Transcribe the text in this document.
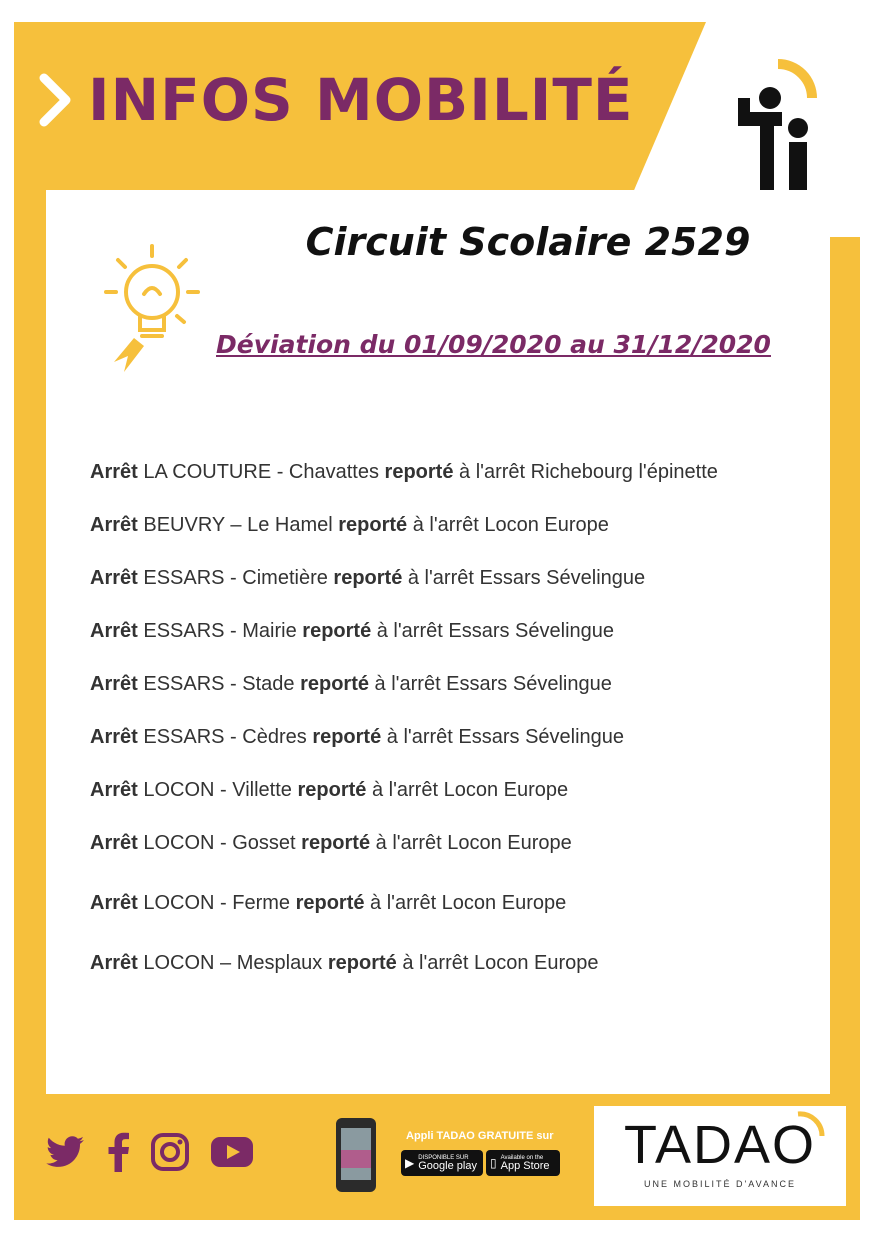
INFOS MOBILITÉ
Circuit Scolaire 2529
Déviation du 01/09/2020 au 31/12/2020
Arrêt LA COUTURE - Chavattes reporté à l'arrêt Richebourg l'épinette
Arrêt BEUVRY – Le Hamel reporté à l'arrêt Locon Europe
Arrêt ESSARS - Cimetière reporté à l'arrêt Essars Sévelingue
Arrêt ESSARS - Mairie reporté à l'arrêt Essars Sévelingue
Arrêt ESSARS - Stade reporté à l'arrêt Essars Sévelingue
Arrêt ESSARS - Cèdres reporté à l'arrêt Essars Sévelingue
Arrêt LOCON - Villette reporté à l'arrêt Locon Europe
Arrêt LOCON - Gosset reporté à l'arrêt Locon Europe
Arrêt LOCON - Ferme reporté à l'arrêt Locon Europe
Arrêt LOCON – Mesplaux reporté à l'arrêt Locon Europe
Appli TADAO GRATUITE sur
▶ DISPONIBLE SUR
Google play ▯ Available on the
App Store	TADAO
UNE MOBILITÉ D'AVANCE
